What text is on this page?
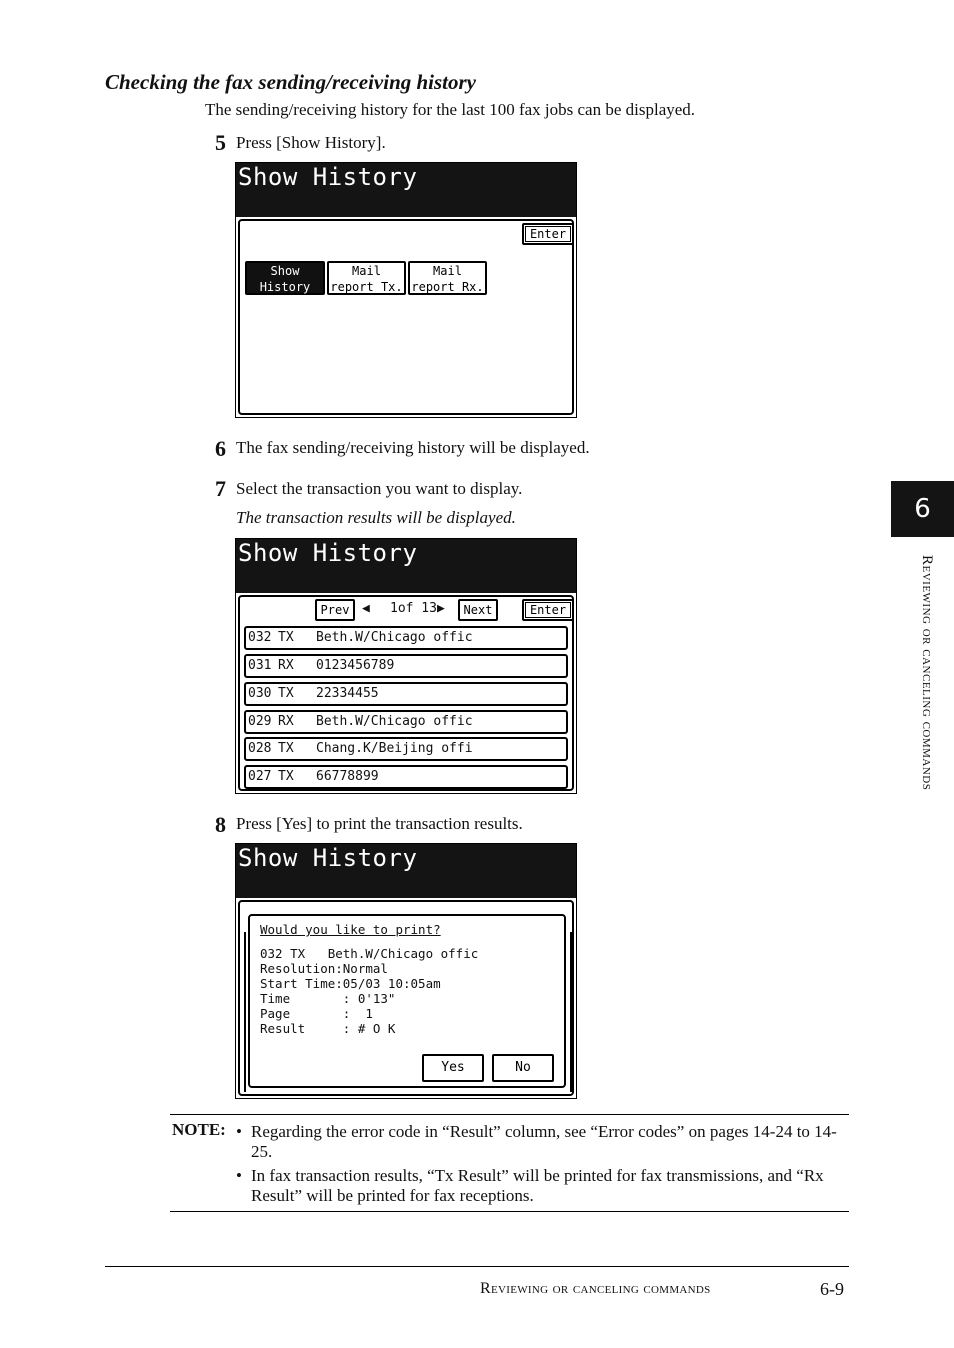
Checking the fax sending/receiving history
The sending/receiving history for the last 100 fax jobs can be displayed.
5 Press [Show History].
Show History
Enter
Show
History
Mail
report Tx.
Mail
report Rx.
6 The fax sending/receiving history will be displayed.
7 Select the transaction you want to display.
The transaction results will be displayed.
Show History
Prev ◀ 1of 13 ▶	Next	Enter
032 TX Beth.W/Chicago offic
031 RX 0123456789
030 TX 22334455
029 RX Beth.W/Chicago offic
028 TX Chang.K/Beijing offi
027 TX 66778899
8 Press [Yes] to print the transaction results.
Show History
Would you like to print?
032 TX   Beth.W/Chicago offic
Resolution:Normal
Start Time:05/03 10:05am
Time       : 0'13"
Page       :  1
Result     : # O K
Yes	No
6
Reviewing or canceling commands
NOTE: • Regarding the error code in “Result” column, see “Error codes” on pages 14-24 to 14-25.
• In fax transaction results, “Tx Result” will be printed for fax transmissions, and “Rx Result” will be printed for fax receptions.
Reviewing or canceling commands	6-9
